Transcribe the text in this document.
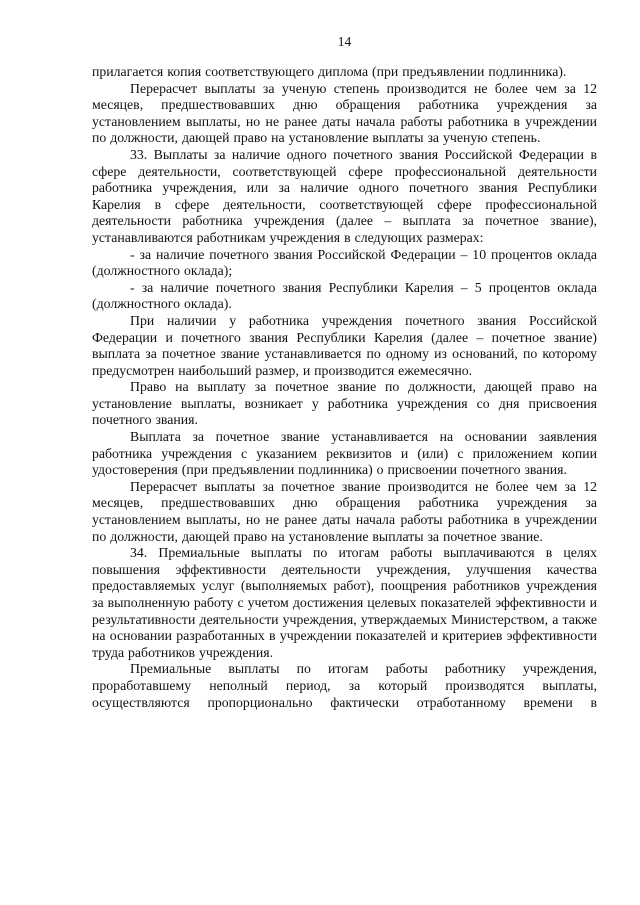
14

прилагается копия соответствующего диплома (при предъявлении подлинника).

Перерасчет выплаты за ученую степень производится не более чем за 12 месяцев, предшествовавших дню обращения работника учреждения за установлением выплаты, но не ранее даты начала работы работника в учреждении по должности, дающей право на установление выплаты за ученую степень.

33. Выплаты за наличие одного почетного звания Российской Федерации в сфере деятельности, соответствующей сфере профессиональной деятельности работника учреждения, или за наличие одного почетного звания Республики Карелия в сфере деятельности, соответствующей сфере профессиональной деятельности работника учреждения (далее – выплата за почетное звание), устанавливаются работникам учреждения в следующих размерах:

- за наличие почетного звания Российской Федерации – 10 процентов оклада (должностного оклада);

- за наличие почетного звания Республики Карелия – 5 процентов оклада (должностного оклада).

При наличии у работника учреждения почетного звания Российской Федерации и почетного звания Республики Карелия (далее – почетное звание) выплата за почетное звание устанавливается по одному из оснований, по которому предусмотрен наибольший размер, и производится ежемесячно.

Право на выплату за почетное звание по должности, дающей право на установление выплаты, возникает у работника учреждения со дня присвоения почетного звания.

Выплата за почетное звание устанавливается на основании заявления работника учреждения с указанием реквизитов и (или) с приложением копии удостоверения (при предъявлении подлинника) о присвоении почетного звания.

Перерасчет выплаты за почетное звание производится не более чем за 12 месяцев, предшествовавших дню обращения работника учреждения за установлением выплаты, но не ранее даты начала работы работника в учреждении по должности, дающей право на установление выплаты за почетное звание.

34. Премиальные выплаты по итогам работы выплачиваются в целях повышения эффективности деятельности учреждения, улучшения качества предоставляемых услуг (выполняемых работ), поощрения работников учреждения за выполненную работу с учетом достижения целевых показателей эффективности и результативности деятельности учреждения, утверждаемых Министерством, а также на основании разработанных в учреждении показателей и критериев эффективности труда работников учреждения.

Премиальные выплаты по итогам работы работнику учреждения, проработавшему неполный период, за который производятся выплаты, осуществляются пропорционально фактически отработанному времени в
